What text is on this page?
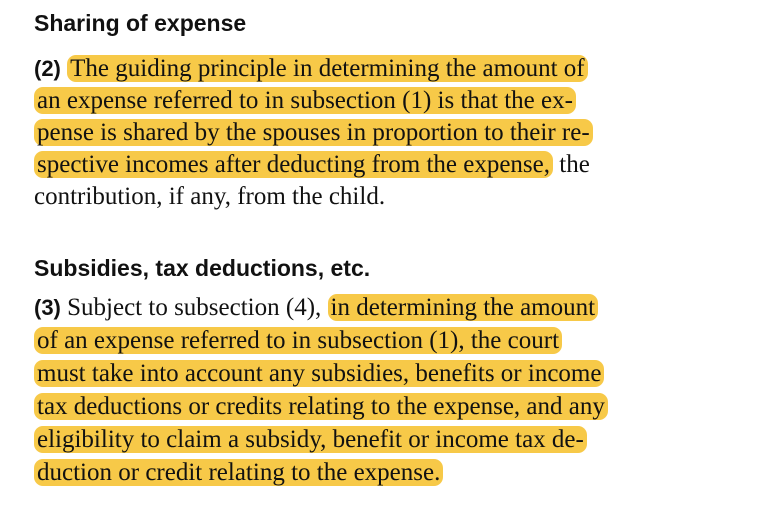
Sharing of expense
(2) The guiding principle in determining the amount of
an expense referred to in subsection (1) is that the ex-
pense is shared by the spouses in proportion to their re-
spective incomes after deducting from the expense, the
contribution, if any, from the child.
Subsidies, tax deductions, etc.
(3) Subject to subsection (4), in determining the amount
of an expense referred to in subsection (1), the court
must take into account any subsidies, benefits or income
tax deductions or credits relating to the expense, and any
eligibility to claim a subsidy, benefit or income tax de-
duction or credit relating to the expense.
